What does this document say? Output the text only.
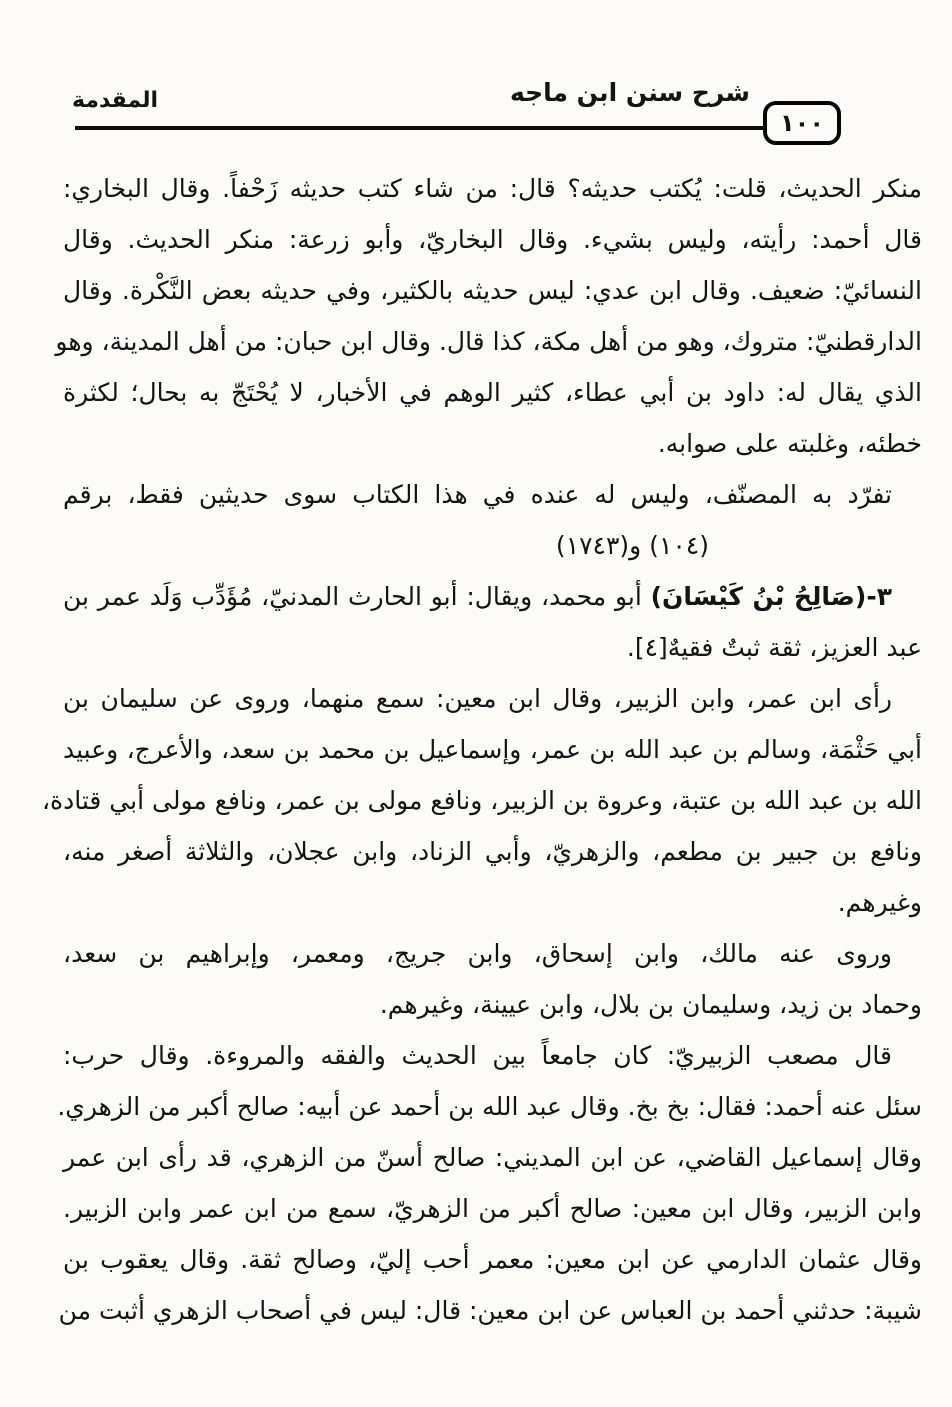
المقدمة	شرح سنن ابن ماجه
١٠٠
منكر الحديث، قلت: يُكتب حديثه؟ قال: من شاء كتب حديثه زَحْفاً. وقال البخاري:
قال أحمد: رأيته، وليس بشيء. وقال البخاريّ، وأبو زرعة: منكر الحديث. وقال
النسائيّ: ضعيف. وقال ابن عدي: ليس حديثه بالكثير، وفي حديثه بعض النَّكْرة. وقال
الدارقطنيّ: متروك، وهو من أهل مكة، كذا قال. وقال ابن حبان: من أهل المدينة، وهو
الذي يقال له: داود بن أبي عطاء، كثير الوهم في الأخبار، لا يُحْتَجّ به بحال؛ لكثرة
خطئه، وغلبته على صوابه.
تفرّد به المصنّف، وليس له عنده في هذا الكتاب سوى حديثين فقط، برقم
(١٠٤) و(١٧٤٣)
٣-(صَالِحُ بْنُ كَيْسَانَ) أبو محمد، ويقال: أبو الحارث المدنيّ، مُؤَدِّب وَلَد عمر بن
عبد العزيز، ثقة ثبتٌ فقيهٌ[٤].
رأى ابن عمر، وابن الزبير، وقال ابن معين: سمع منهما، وروى عن سليمان بن
أبي حَثْمَة، وسالم بن عبد الله بن عمر، وإسماعيل بن محمد بن سعد، والأعرج، وعبيد
الله بن عبد الله بن عتبة، وعروة بن الزبير، ونافع مولى بن عمر، ونافع مولى أبي قتادة،
ونافع بن جبير بن مطعم، والزهريّ، وأبي الزناد، وابن عجلان، والثلاثة أصغر منه،
وغيرهم.
وروى عنه مالك، وابن إسحاق، وابن جريج، ومعمر، وإبراهيم بن سعد،
وحماد بن زيد، وسليمان بن بلال، وابن عيينة، وغيرهم.
قال مصعب الزبيريّ: كان جامعاً بين الحديث والفقه والمروءة. وقال حرب:
سئل عنه أحمد: فقال: بخ بخ. وقال عبد الله بن أحمد عن أبيه: صالح أكبر من الزهري.
وقال إسماعيل القاضي، عن ابن المديني: صالح أسنّ من الزهري، قد رأى ابن عمر
وابن الزبير، وقال ابن معين: صالح أكبر من الزهريّ، سمع من ابن عمر وابن الزبير.
وقال عثمان الدارمي عن ابن معين: معمر أحب إليّ، وصالح ثقة. وقال يعقوب بن
شيبة: حدثني أحمد بن العباس عن ابن معين: قال: ليس في أصحاب الزهري أثبت من
